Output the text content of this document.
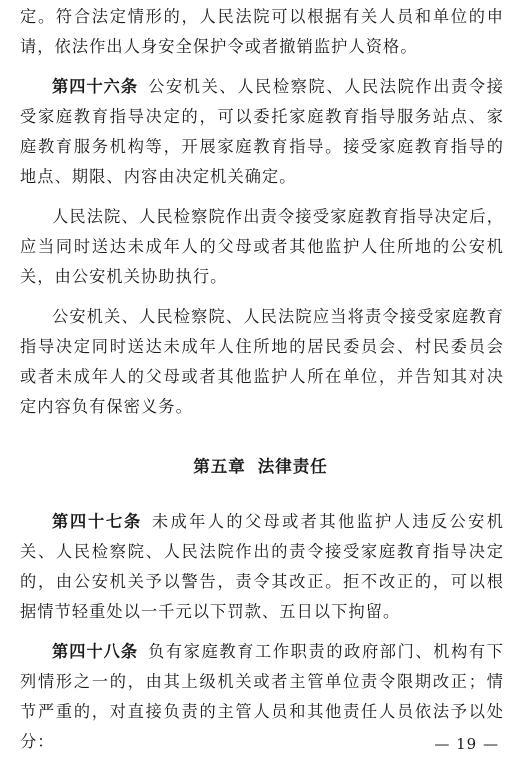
定。符合法定情形的，人民法院可以根据有关人员和单位的申请，依法作出人身安全保护令或者撤销监护人资格。

第四十六条 公安机关、人民检察院、人民法院作出责令接受家庭教育指导决定的，可以委托家庭教育指导服务站点、家庭教育服务机构等，开展家庭教育指导。接受家庭教育指导的地点、期限、内容由决定机关确定。

人民法院、人民检察院作出责令接受家庭教育指导决定后，应当同时送达未成年人的父母或者其他监护人住所地的公安机关，由公安机关协助执行。

公安机关、人民检察院、人民法院应当将责令接受家庭教育指导决定同时送达未成年人住所地的居民委员会、村民委员会或者未成年人的父母或者其他监护人所在单位，并告知其对决定内容负有保密义务。

第五章 法律责任

第四十七条 未成年人的父母或者其他监护人违反公安机关、人民检察院、人民法院作出的责令接受家庭教育指导决定的，由公安机关予以警告，责令其改正。拒不改正的，可以根据情节轻重处以一千元以下罚款、五日以下拘留。

第四十八条 负有家庭教育工作职责的政府部门、机构有下列情形之一的，由其上级机关或者主管单位责令限期改正；情节严重的，对直接负责的主管人员和其他责任人员依法予以处分：	— 19 —
